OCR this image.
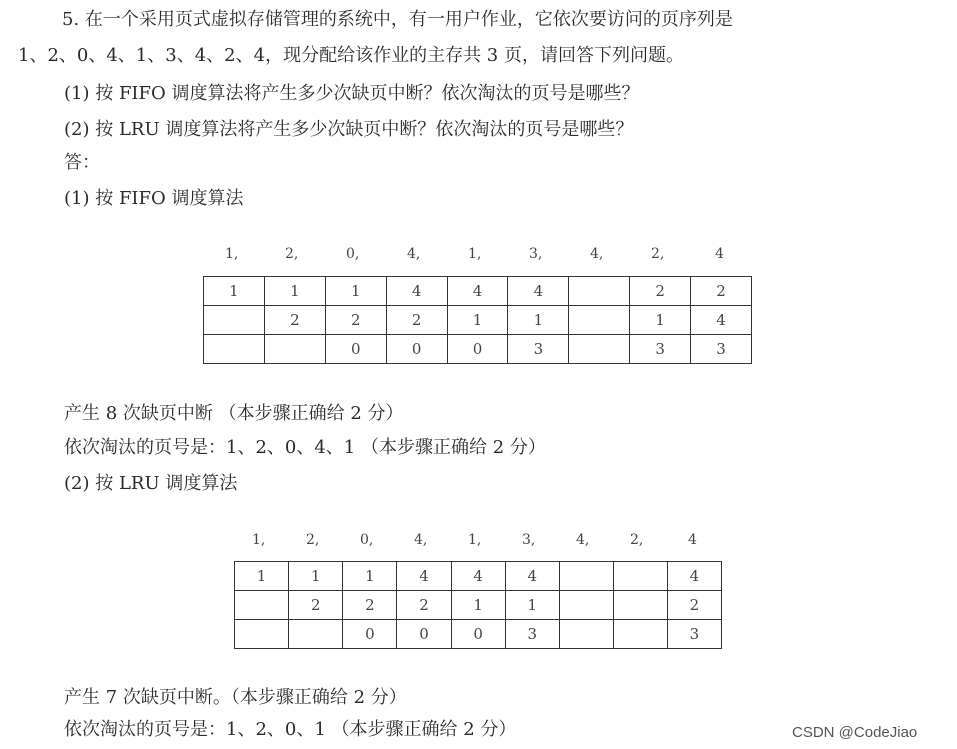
5. 在一个采用页式虚拟存储管理的系统中，有一用户作业，它依次要访问的页序列是
1、2、0、4、1、3、4、2、4，现分配给该作业的主存共 3 页，请回答下列问题。
(1) 按 FIFO 调度算法将产生多少次缺页中断？依次淘汰的页号是哪些？
(2) 按 LRU 调度算法将产生多少次缺页中断？依次淘汰的页号是哪些？
答：
(1) 按 FIFO 调度算法
1,	2,	0,	4,	1,	3,	4,	2,	4
1	1	1	4	4	4		2	2
	2	2	2	1	1		1	4
		0	0	0	3		3	3
产生 8 次缺页中断 （本步骤正确给 2 分）
依次淘汰的页号是：1、2、0、4、1 （本步骤正确给 2 分）
(2) 按 LRU 调度算法
1,	2,	0,	4,	1,	3,	4,	2,	4
1	1	1	4	4	4			4
	2	2	2	1	1			2
		0	0	0	3			3
产生 7 次缺页中断。（本步骤正确给 2 分）
依次淘汰的页号是：1、2、0、1 （本步骤正确给 2 分）	CSDN @CodeJiao
